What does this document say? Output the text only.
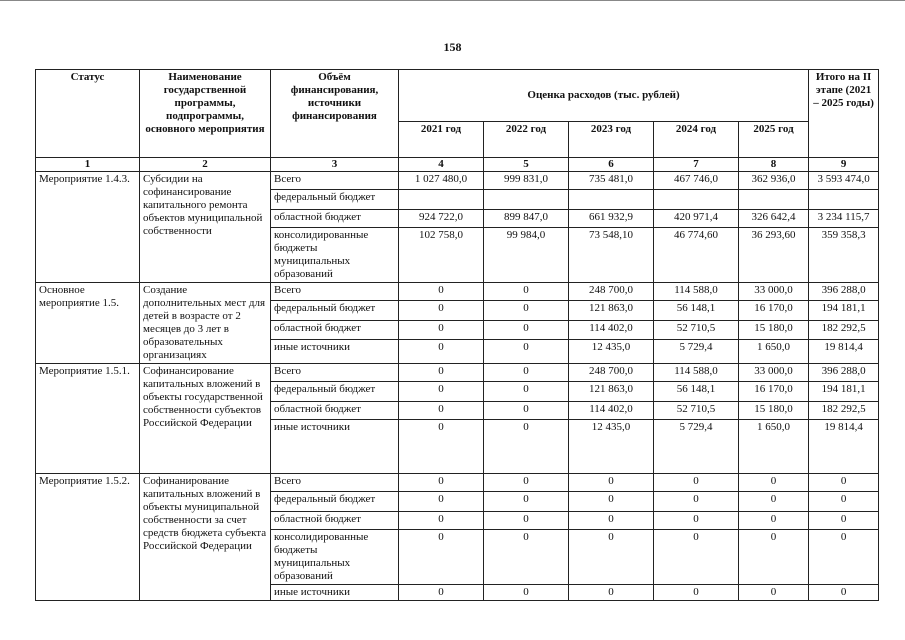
158
Статус	Наименование государственной программы, подпрограммы, основного мероприятия	Объём финансирования, источники финансирования	Оценка расходов (тыс. рублей)					Итого на II этапе (2021 – 2025 годы)
			2021 год	2022 год	2023 год	2024 год	2025 год	
1	2	3	4	5	6	7	8	9
Мероприятие 1.4.3.	Субсидии на софинансирование капитального ремонта объектов муниципальной собственности	Всего	1 027 480,0	999 831,0	735 481,0	467 746,0	362 936,0	3 593 474,0
		федеральный бюджет						
		областной бюджет	924 722,0	899 847,0	661 932,9	420 971,4	326 642,4	3 234 115,7
		консолидированные бюджеты муниципальных образований	102 758,0	99 984,0	73 548,10	46 774,60	36 293,60	359 358,3
Основное мероприятие 1.5.	Создание дополнительных мест для детей в возрасте от 2 месяцев до 3 лет в образовательных организациях	Всего	0	0	248 700,0	114 588,0	33 000,0	396 288,0
		федеральный бюджет	0	0	121 863,0	56 148,1	16 170,0	194 181,1
		областной бюджет	0	0	114 402,0	52 710,5	15 180,0	182 292,5
		иные источники	0	0	12 435,0	5 729,4	1 650,0	19 814,4
Мероприятие 1.5.1.	Софинансирование капитальных вложений в объекты государственной собственности субъектов Российской Федерации	Всего	0	0	248 700,0	114 588,0	33 000,0	396 288,0
		федеральный бюджет	0	0	121 863,0	56 148,1	16 170,0	194 181,1
		областной бюджет	0	0	114 402,0	52 710,5	15 180,0	182 292,5
		иные источники	0	0	12 435,0	5 729,4	1 650,0	19 814,4
Мероприятие 1.5.2.	Софинанирование капитальных вложений в объекты муниципальной собственности за счет средств бюджета субъекта Российской Федерации	Всего	0	0	0	0	0	0
		федеральный бюджет	0	0	0	0	0	0
		областной бюджет	0	0	0	0	0	0
		консолидированные бюджеты муниципальных образований	0	0	0	0	0	0
		иные источники	0	0	0	0	0	0
